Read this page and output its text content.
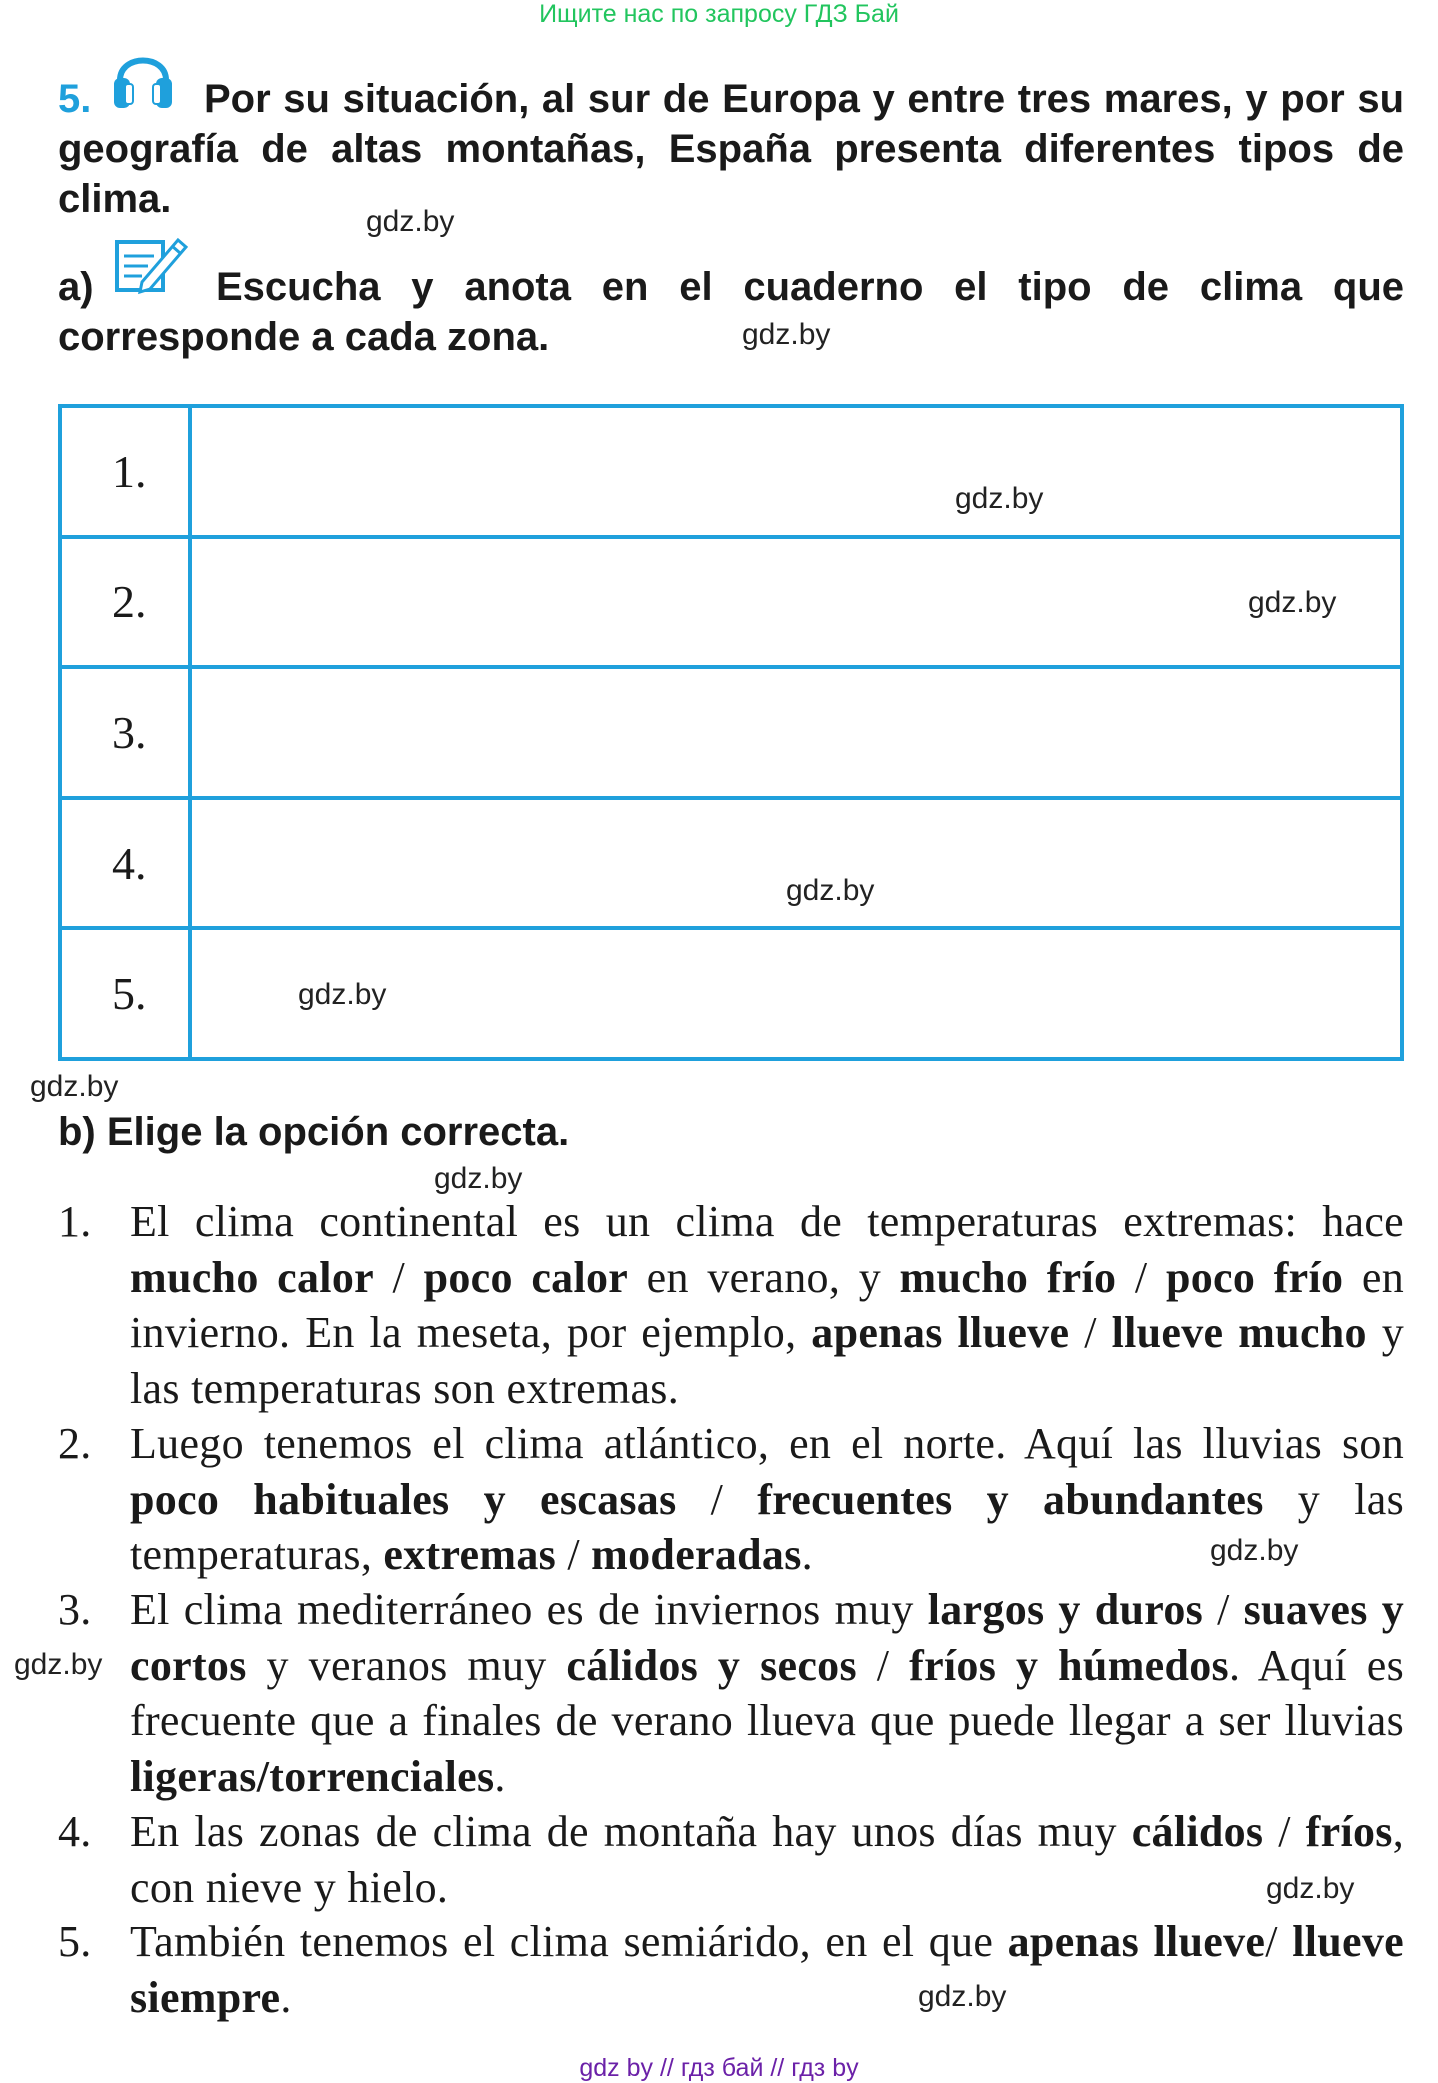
Ищите нас по запросу ГДЗ Бай
5.	Por su situación, al sur de Europa y entre tres mares, y por su geografía de altas montañas, España presenta diferentes tipos de clima.
gdz.by
a)	Escucha y anota en el cuaderno el tipo de clima que corresponde a cada zona.	gdz.by
1.	
2.	
3.	
4.	
5.	
gdz.by
gdz.by
gdz.by
gdz.by
gdz.by
b) Elige la opción correcta.
gdz.by
1. El clima continental es un clima de temperaturas extremas: hace mucho calor / poco calor en verano, y mucho frío / poco frío en invierno. En la meseta, por ejemplo, apenas llueve / llueve mucho y las temperaturas son extremas.
2. Luego tenemos el clima atlántico, en el norte. Aquí las lluvias son poco habituales y escasas / frecuentes y abundantes y las temperaturas, extremas / moderadas.	gdz.by
3. El clima mediterráneo es de inviernos muy largos y duros / suaves y cortos y veranos muy cálidos y secos / fríos y húmedos. Aquí es frecuente que a finales de verano llueva que puede llegar a ser lluvias ligeras/torrenciales.
gdz.by
4. En las zonas de clima de montaña hay unos días muy cálidos / fríos, con nieve y hielo.	gdz.by
5. También tenemos el clima semiárido, en el que apenas llueve/ llueve siempre.	gdz.by
gdz by // гдз бай // гдз by
